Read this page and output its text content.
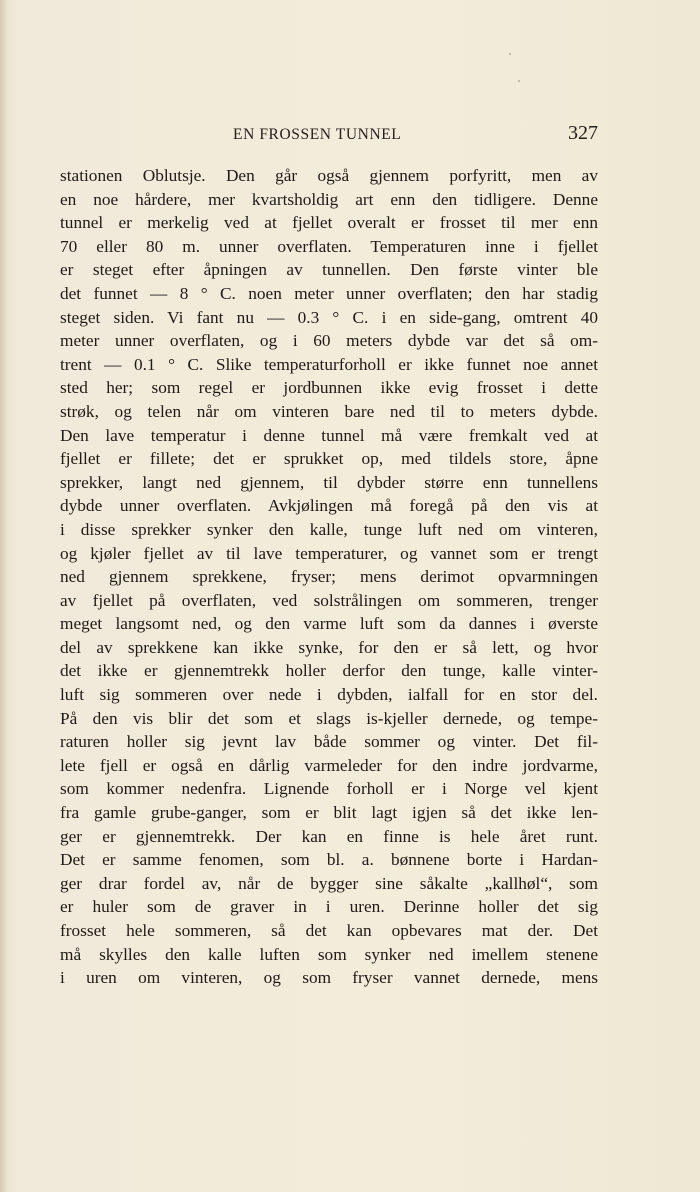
EN FROSSEN TUNNEL	327
stationen Oblutsje. Den går også gjennem porfyritt, men av
en noe hårdere, mer kvartsholdig art enn den tidligere. Denne
tunnel er merkelig ved at fjellet overalt er frosset til mer enn
70 eller 80 m. unner overflaten. Temperaturen inne i fjellet
er steget efter åpningen av tunnellen. Den første vinter ble
det funnet — 8 ° C. noen meter unner overflaten; den har stadig
steget siden. Vi fant nu — 0.3 ° C. i en side-gang, omtrent 40
meter unner overflaten, og i 60 meters dybde var det så om-
trent — 0.1 ° C. Slike temperaturforholl er ikke funnet noe annet
sted her; som regel er jordbunnen ikke evig frosset i dette
strøk, og telen når om vinteren bare ned til to meters dybde.
Den lave temperatur i denne tunnel må være fremkalt ved at
fjellet er fillete; det er sprukket op, med tildels store, åpne
sprekker, langt ned gjennem, til dybder større enn tunnellens
dybde unner overflaten. Avkjølingen må foregå på den vis at
i disse sprekker synker den kalle, tunge luft ned om vinteren,
og kjøler fjellet av til lave temperaturer, og vannet som er trengt
ned gjennem sprekkene, fryser; mens derimot opvarmningen
av fjellet på overflaten, ved solstrålingen om sommeren, trenger
meget langsomt ned, og den varme luft som da dannes i øverste
del av sprekkene kan ikke synke, for den er så lett, og hvor
det ikke er gjennemtrekk holler derfor den tunge, kalle vinter-
luft sig sommeren over nede i dybden, ialfall for en stor del.
På den vis blir det som et slags is-kjeller dernede, og tempe-
raturen holler sig jevnt lav både sommer og vinter. Det fil-
lete fjell er også en dårlig varmeleder for den indre jordvarme,
som kommer nedenfra. Lignende forholl er i Norge vel kjent
fra gamle grube-ganger, som er blit lagt igjen så det ikke len-
ger er gjennemtrekk. Der kan en finne is hele året runt.
Det er samme fenomen, som bl. a. bønnene borte i Hardan-
ger drar fordel av, når de bygger sine såkalte „kallhøl“, som
er huler som de graver in i uren. Derinne holler det sig
frosset hele sommeren, så det kan opbevares mat der. Det
må skylles den kalle luften som synker ned imellem stenene
i uren om vinteren, og som fryser vannet dernede, mens
